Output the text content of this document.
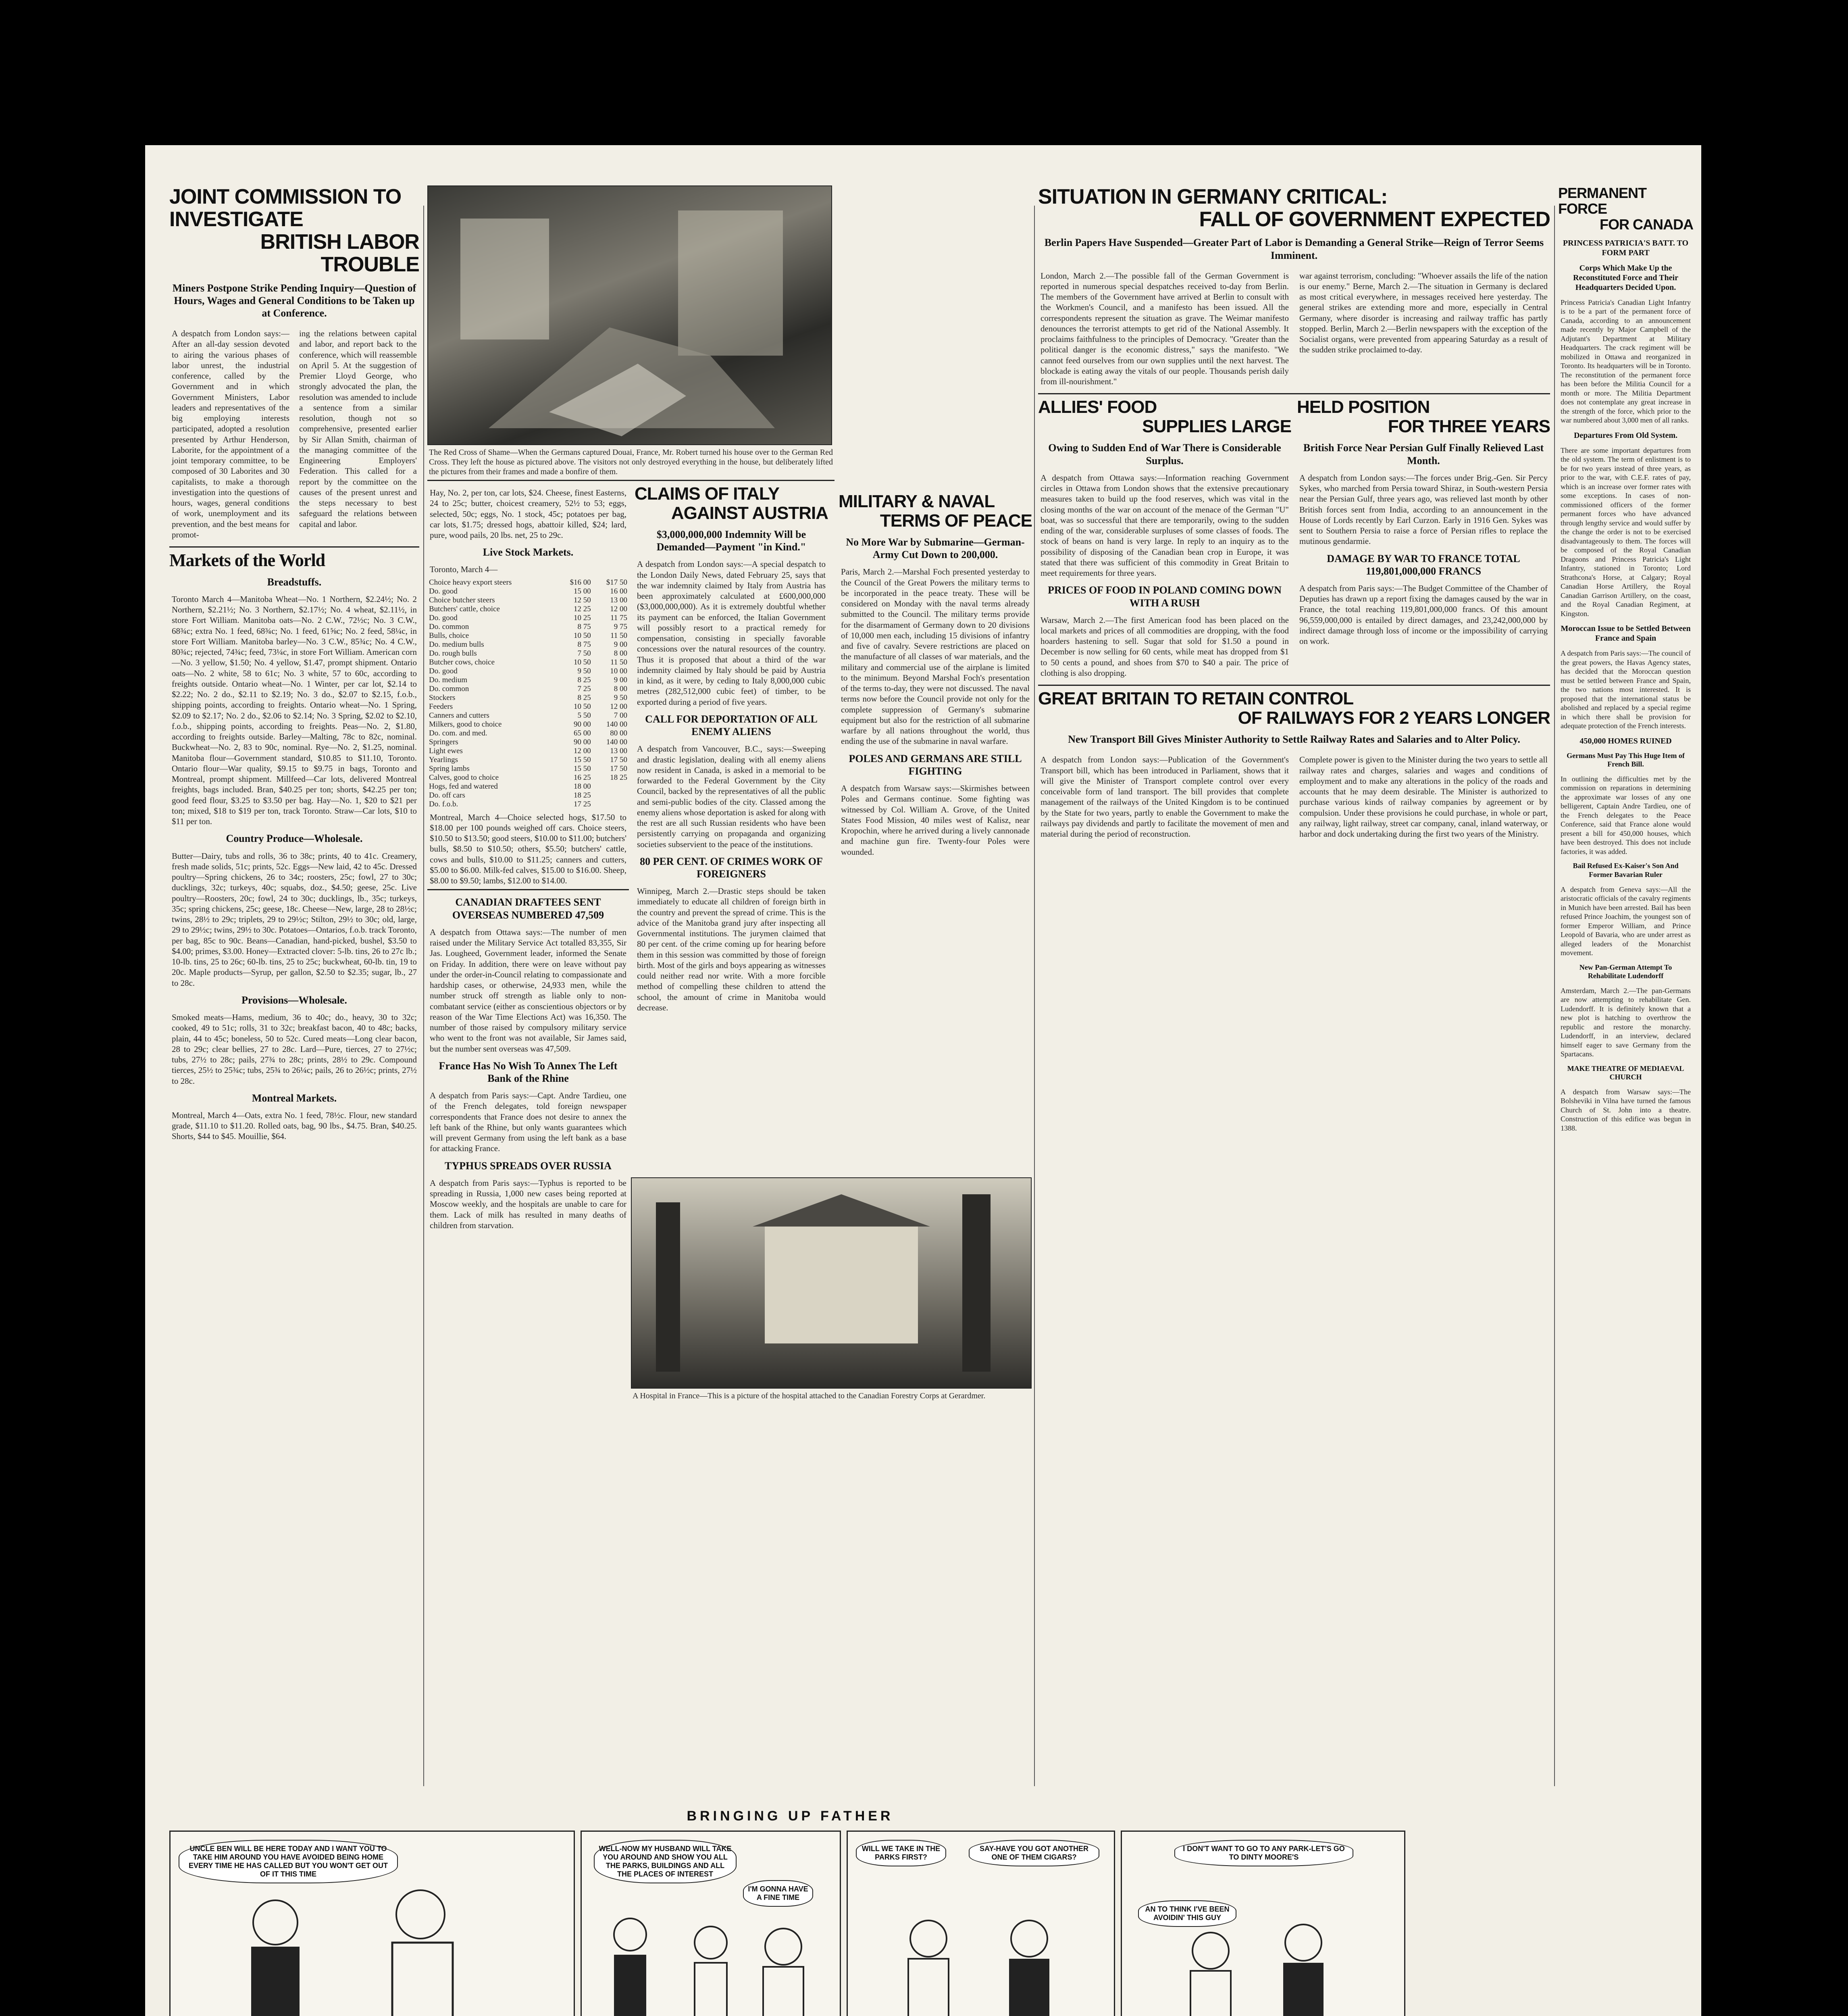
JOINT COMMISSION TO INVESTIGATE
BRITISH LABOR TROUBLE
Miners Postpone Strike Pending Inquiry—Question of Hours, Wages and General Conditions to be Taken up at Conference.

A despatch from London says:—After an all-day session devoted to airing the various phases of labor unrest, the industrial conference, called by the Government and in which Government Ministers, Labor leaders and representatives of the big employing interests participated, adopted a resolution presented by Arthur Henderson, Laborite, for the appointment of a joint temporary committee, to be composed of 30 Laborites and 30 capitalists, to make a thorough investigation into the questions of hours, wages, general conditions of work, unemployment and its prevention, and the best means for promot-

ing the relations between capital and labor, and report back to the conference, which will reassemble on April 5. At the suggestion of Premier Lloyd George, who strongly advocated the plan, the resolution was amended to include a sentence from a similar resolution, though not so comprehensive, presented earlier by Sir Allan Smith, chairman of the managing committee of the Engineering Employers' Federation. This called for a report by the committee on the causes of the present unrest and the steps necessary to best safeguard the relations between capital and labor.

Markets of the World
Breadstuffs.

Toronto March 4—Manitoba Wheat—No. 1 Northern, $2.24½; No. 2 Northern, $2.21½; No. 3 Northern, $2.17½; No. 4 wheat, $2.11½, in store Fort William. Manitoba oats—No. 2 C.W., 72½c; No. 3 C.W., 68¾c; extra No. 1 feed, 68¾c; No. 1 feed, 61⅝c; No. 2 feed, 58¼c, in store Fort William. Manitoba barley—No. 3 C.W., 85¾c; No. 4 C.W., 80¾c; rejected, 74¾c; feed, 73¼c, in store Fort William. American corn—No. 3 yellow, $1.50; No. 4 yellow, $1.47, prompt shipment. Ontario oats—No. 2 white, 58 to 61c; No. 3 white, 57 to 60c, according to freights outside. Ontario wheat—No. 1 Winter, per car lot, $2.14 to $2.22; No. 2 do., $2.11 to $2.19; No. 3 do., $2.07 to $2.15, f.o.b., shipping points, according to freights. Ontario wheat—No. 1 Spring, $2.09 to $2.17; No. 2 do., $2.06 to $2.14; No. 3 Spring, $2.02 to $2.10, f.o.b., shipping points, according to freights. Peas—No. 2, $1.80, according to freights outside. Barley—Malting, 78c to 82c, nominal. Buckwheat—No. 2, 83 to 90c, nominal. Rye—No. 2, $1.25, nominal. Manitoba flour—Government standard, $10.85 to $11.10, Toronto. Ontario flour—War quality, $9.15 to $9.75 in bags, Toronto and Montreal, prompt shipment. Millfeed—Car lots, delivered Montreal freights, bags included. Bran, $40.25 per ton; shorts, $42.25 per ton; good feed flour, $3.25 to $3.50 per bag. Hay—No. 1, $20 to $21 per ton; mixed, $18 to $19 per ton, track Toronto. Straw—Car lots, $10 to $11 per ton.

Country Produce—Wholesale.

Butter—Dairy, tubs and rolls, 36 to 38c; prints, 40 to 41c. Creamery, fresh made solids, 51c; prints, 52c. Eggs—New laid, 42 to 45c. Dressed poultry—Spring chickens, 26 to 34c; roosters, 25c; fowl, 27 to 30c; ducklings, 32c; turkeys, 40c; squabs, doz., $4.50; geese, 25c. Live poultry—Roosters, 20c; fowl, 24 to 30c; ducklings, lb., 35c; turkeys, 35c; spring chickens, 25c; geese, 18c. Cheese—New, large, 28 to 28½c; twins, 28½ to 29c; triplets, 29 to 29½c; Stilton, 29½ to 30c; old, large, 29 to 29½c; twins, 29½ to 30c. Potatoes—Ontarios, f.o.b. track Toronto, per bag, 85c to 90c. Beans—Canadian, hand-picked, bushel, $3.50 to $4.00; primes, $3.00. Honey—Extracted clover: 5-lb. tins, 26 to 27c lb.; 10-lb. tins, 25 to 26c; 60-lb. tins, 25 to 25c; buckwheat, 60-lb. tin, 19 to 20c. Maple products—Syrup, per gallon, $2.50 to $2.35; sugar, lb., 27 to 28c.

Provisions—Wholesale.

Smoked meats—Hams, medium, 36 to 40c; do., heavy, 30 to 32c; cooked, 49 to 51c; rolls, 31 to 32c; breakfast bacon, 40 to 48c; backs, plain, 44 to 45c; boneless, 50 to 52c. Cured meats—Long clear bacon, 28 to 29c; clear bellies, 27 to 28c. Lard—Pure, tierces, 27 to 27½c; tubs, 27½ to 28c; pails, 27¾ to 28c; prints, 28½ to 29c. Compound tierces, 25½ to 25¾c; tubs, 25¾ to 26¼c; pails, 26 to 26½c; prints, 27½ to 28c.

Montreal Markets.

Montreal, March 4—Oats, extra No. 1 feed, 78½c. Flour, new standard grade, $11.10 to $11.20. Rolled oats, bag, 90 lbs., $4.75. Bran, $40.25. Shorts, $44 to $45. Mouillie, $64.

The Red Cross of Shame—When the Germans captured Douai, France, Mr. Robert turned his house over to the German Red Cross. They left the house as pictured above. The visitors not only destroyed everything in the house, but deliberately lifted the pictures from their frames and made a bonfire of them.

Hay, No. 2, per ton, car lots, $24. Cheese, finest Easterns, 24 to 25c; butter, choicest creamery, 52½ to 53; eggs, selected, 50c; eggs, No. 1 stock, 45c; potatoes per bag, car lots, $1.75; dressed hogs, abattoir killed, $24; lard, pure, wood pails, 20 lbs. net, 25 to 29c.

Live Stock Markets.

Toronto, March 4—

Choice heavy export steers	$16 00	$17 50
Do. good	15 00	16 00
Choice butcher steers	12 50	13 00
Butchers' cattle, choice	12 25	12 00
Do. good	10 25	11 75
Do. common	8 75	9 75
Bulls, choice	10 50	11 50
Do. medium bulls	8 75	9 00
Do. rough bulls	7 50	8 00
Butcher cows, choice	10 50	11 50
Do. good	9 50	10 00
Do. medium	8 25	9 00
Do. common	7 25	8 00
Stockers	8 25	9 50
Feeders	10 50	12 00
Canners and cutters	5 50	7 00
Milkers, good to choice	90 00	140 00
Do. com. and med.	65 00	80 00
Springers	90 00	140 00
Light ewes	12 00	13 00
Yearlings	15 50	17 50
Spring lambs	15 50	17 50
Calves, good to choice	16 25	18 25
Hogs, fed and watered	18 00	
Do. off cars	18 25	
Do. f.o.b.	17 25	

Montreal, March 4—Choice selected hogs, $17.50 to $18.00 per 100 pounds weighed off cars. Choice steers, $10.50 to $13.50; good steers, $10.00 to $11.00; butchers' bulls, $8.50 to $10.50; others, $5.50; butchers' cattle, cows and bulls, $10.00 to $11.25; canners and cutters, $5.00 to $6.00. Milk-fed calves, $15.00 to $16.00. Sheep, $8.00 to $9.50; lambs, $12.00 to $14.00.

CANADIAN DRAFTEES SENT OVERSEAS NUMBERED 47,509

A despatch from Ottawa says:—The number of men raised under the Military Service Act totalled 83,355, Sir Jas. Lougheed, Government leader, informed the Senate on Friday. In addition, there were on leave without pay under the order-in-Council relating to compassionate and hardship cases, or otherwise, 24,933 men, while the number struck off strength as liable only to non-combatant service (either as conscientious objectors or by reason of the War Time Elections Act) was 16,350. The number of those raised by compulsory military service who went to the front was not available, Sir James said, but the number sent overseas was 47,509.

France Has No Wish To Annex The Left Bank of the Rhine

A despatch from Paris says:—Capt. Andre Tardieu, one of the French delegates, told foreign newspaper correspondents that France does not desire to annex the left bank of the Rhine, but only wants guarantees which will prevent Germany from using the left bank as a base for attacking France.

TYPHUS SPREADS OVER RUSSIA

A despatch from Paris says:—Typhus is reported to be spreading in Russia, 1,000 new cases being reported at Moscow weekly, and the hospitals are unable to care for them. Lack of milk has resulted in many deaths of children from starvation.

CLAIMS OF ITALY
AGAINST AUSTRIA
$3,000,000,000 Indemnity Will be Demanded—Payment "in Kind."

A despatch from London says:—A special despatch to the London Daily News, dated February 25, says that the war indemnity claimed by Italy from Austria has been approximately calculated at £600,000,000 ($3,000,000,000). As it is extremely doubtful whether its payment can be enforced, the Italian Government will possibly resort to a practical remedy for compensation, consisting in specially favorable concessions over the natural resources of the country. Thus it is proposed that about a third of the war indemnity claimed by Italy should be paid by Austria in kind, as it were, by ceding to Italy 8,000,000 cubic metres (282,512,000 cubic feet) of timber, to be exported during a period of five years.

CALL FOR DEPORTATION OF ALL ENEMY ALIENS

A despatch from Vancouver, B.C., says:—Sweeping and drastic legislation, dealing with all enemy aliens now resident in Canada, is asked in a memorial to be forwarded to the Federal Government by the City Council, backed by the representatives of all the public and semi-public bodies of the city. Classed among the enemy aliens whose deportation is asked for along with the rest are all such Russian residents who have been persistently carrying on propaganda and organizing societies subservient to the peace of the institutions.

80 PER CENT. OF CRIMES WORK OF FOREIGNERS

Winnipeg, March 2.—Drastic steps should be taken immediately to educate all children of foreign birth in the country and prevent the spread of crime. This is the advice of the Manitoba grand jury after inspecting all Governmental institutions. The jurymen claimed that 80 per cent. of the crime coming up for hearing before them in this session was committed by those of foreign birth. Most of the girls and boys appearing as witnesses could neither read nor write. With a more forcible method of compelling these children to attend the school, the amount of crime in Manitoba would decrease.

MILITARY & NAVAL
TERMS OF PEACE
No More War by Submarine—German-Army Cut Down to 200,000.

Paris, March 2.—Marshal Foch presented yesterday to the Council of the Great Powers the military terms to be incorporated in the peace treaty. These will be considered on Monday with the naval terms already submitted to the Council. The military terms provide for the disarmament of Germany down to 20 divisions of 10,000 men each, including 15 divisions of infantry and five of cavalry. Severe restrictions are placed on the manufacture of all classes of war materials, and the military and commercial use of the airplane is limited to the minimum. Beyond Marshal Foch's presentation of the terms to-day, they were not discussed. The naval terms now before the Council provide not only for the complete suppression of Germany's submarine equipment but also for the restriction of all submarine warfare by all nations throughout the world, thus ending the use of the submarine in naval warfare.

POLES AND GERMANS ARE STILL FIGHTING

A despatch from Warsaw says:—Skirmishes between Poles and Germans continue. Some fighting was witnessed by Col. William A. Grove, of the United States Food Mission, 40 miles west of Kalisz, near Kropochin, where he arrived during a lively cannonade and machine gun fire. Twenty-four Poles were wounded.

A Hospital in France—This is a picture of the hospital attached to the Canadian Forestry Corps at Gerardmer.

SITUATION IN GERMANY CRITICAL:
FALL OF GOVERNMENT EXPECTED
Berlin Papers Have Suspended—Greater Part of Labor is Demanding a General Strike—Reign of Terror Seems Imminent.

London, March 2.—The possible fall of the German Government is reported in numerous special despatches received to-day from Berlin. The members of the Government have arrived at Berlin to consult with the Workmen's Council, and a manifesto has been issued. All the correspondents represent the situation as grave. The Weimar manifesto denounces the terrorist attempts to get rid of the National Assembly. It proclaims faithfulness to the principles of Democracy. "Greater than the political danger is the economic distress," says the manifesto. "We cannot feed ourselves from our own supplies until the next harvest. The blockade is eating away the vitals of our people. Thousands perish daily from ill-nourishment."

war against terrorism, concluding: "Whoever assails the life of the nation is our enemy." Berne, March 2.—The situation in Germany is declared as most critical everywhere, in messages received here yesterday. The general strikes are extending more and more, especially in Central Germany, where disorder is increasing and railway traffic has partly stopped. Berlin, March 2.—Berlin newspapers with the exception of the Socialist organs, were prevented from appearing Saturday as a result of the sudden strike proclaimed to-day.

ALLIES' FOOD
SUPPLIES LARGE
Owing to Sudden End of War There is Considerable Surplus.

A despatch from Ottawa says:—Information reaching Government circles in Ottawa from London shows that the extensive precautionary measures taken to build up the food reserves, which was vital in the closing months of the war on account of the menace of the German "U" boat, was so successful that there are temporarily, owing to the sudden ending of the war, considerable surpluses of some classes of foods. The stock of beans on hand is very large. In reply to an inquiry as to the possibility of disposing of the Canadian bean crop in Europe, it was stated that there was sufficient of this commodity in Great Britain to meet requirements for three years.

PRICES OF FOOD IN POLAND COMING DOWN WITH A RUSH

Warsaw, March 2.—The first American food has been placed on the local markets and prices of all commodities are dropping, with the food hoarders hastening to sell. Sugar that sold for $1.50 a pound in December is now selling for 60 cents, while meat has dropped from $1 to 50 cents a pound, and shoes from $70 to $40 a pair. The price of clothing is also dropping.

HELD POSITION
FOR THREE YEARS
British Force Near Persian Gulf Finally Relieved Last Month.

A despatch from London says:—The forces under Brig.-Gen. Sir Percy Sykes, who marched from Persia toward Shiraz, in South-western Persia near the Persian Gulf, three years ago, was relieved last month by other British forces sent from India, according to an announcement in the House of Lords recently by Earl Curzon. Early in 1916 Gen. Sykes was sent to Southern Persia to raise a force of Persian rifles to replace the mutinous gendarmie.

DAMAGE BY WAR TO FRANCE TOTAL 119,801,000,000 FRANCS

A despatch from Paris says:—The Budget Committee of the Chamber of Deputies has drawn up a report fixing the damages caused by the war in France, the total reaching 119,801,000,000 francs. Of this amount 96,559,000,000 is entailed by direct damages, and 23,242,000,000 by indirect damage through loss of income or the impossibility of carrying on work.

GREAT BRITAIN TO RETAIN CONTROL
OF RAILWAYS FOR 2 YEARS LONGER
New Transport Bill Gives Minister Authority to Settle Railway Rates and Salaries and to Alter Policy.

A despatch from London says:—Publication of the Government's Transport bill, which has been introduced in Parliament, shows that it will give the Minister of Transport complete control over every conceivable form of land transport. The bill provides that complete management of the railways of the United Kingdom is to be continued by the State for two years, partly to enable the Government to make the railways pay dividends and partly to facilitate the movement of men and material during the period of reconstruction.

Complete power is given to the Minister during the two years to settle all railway rates and charges, salaries and wages and conditions of employment and to make any alterations in the policy of the roads and accounts that he may deem desirable. The Minister is authorized to purchase various kinds of railway companies by agreement or by compulsion. Under these provisions he could purchase, in whole or part, any railway, light railway, street car company, canal, inland waterway, or harbor and dock undertaking during the first two years of the Ministry.

PERMANENT FORCE
FOR CANADA
PRINCESS PATRICIA'S BATT. TO FORM PART
Corps Which Make Up the Reconstituted Force and Their Headquarters Decided Upon.

Princess Patricia's Canadian Light Infantry is to be a part of the permanent force of Canada, according to an announcement made recently by Major Campbell of the Adjutant's Department at Military Headquarters. The crack regiment will be mobilized in Ottawa and reorganized in Toronto. Its headquarters will be in Toronto. The reconstitution of the permanent force has been before the Militia Council for a month or more. The Militia Department does not contemplate any great increase in the strength of the force, which prior to the war numbered about 3,000 men of all ranks.

Departures From Old System.

There are some important departures from the old system. The term of enlistment is to be for two years instead of three years, as prior to the war, with C.E.F. rates of pay, which is an increase over former rates with some exceptions. In cases of non-commissioned officers of the former permanent forces who have advanced through lengthy service and would suffer by the change the order is not to be exercised disadvantageously to them. The forces will be composed of the Royal Canadian Dragoons and Princess Patricia's Light Infantry, stationed in Toronto; Lord Strathcona's Horse, at Calgary; Royal Canadian Horse Artillery, the Royal Canadian Garrison Artillery, on the coast, and the Royal Canadian Regiment, at Kingston.

Moroccan Issue to be Settled Between France and Spain

A despatch from Paris says:—The council of the great powers, the Havas Agency states, has decided that the Moroccan question must be settled between France and Spain, the two nations most interested. It is proposed that the international status be abolished and replaced by a special regime in which there shall be provision for adequate protection of the French interests.

450,000 HOMES RUINED
Germans Must Pay This Huge Item of French Bill.

In outlining the difficulties met by the commission on reparations in determining the approximate war losses of any one belligerent, Captain Andre Tardieu, one of the French delegates to the Peace Conference, said that France alone would present a bill for 450,000 houses, which have been destroyed. This does not include factories, it was added.

Bail Refused Ex-Kaiser's Son And Former Bavarian Ruler

A despatch from Geneva says:—All the aristocratic officials of the cavalry regiments in Munich have been arrested. Bail has been refused Prince Joachim, the youngest son of former Emperor William, and Prince Leopold of Bavaria, who are under arrest as alleged leaders of the Monarchist movement.

New Pan-German Attempt To Rehabilitate Ludendorff

Amsterdam, March 2.—The pan-Germans are now attempting to rehabilitate Gen. Ludendorff. It is definitely known that a new plot is hatching to overthrow the republic and restore the monarchy. Ludendorff, in an interview, declared himself eager to save Germany from the Spartacans.

MAKE THEATRE OF MEDIAEVAL CHURCH

A despatch from Warsaw says:—The Bolsheviki in Vilna have turned the famous Church of St. John into a theatre. Construction of this edifice was begun in 1388.

BRINGING UP FATHER
UNCLE BEN WILL BE HERE TODAY AND I WANT YOU TO TAKE HIM AROUND YOU HAVE AVOIDED BEING HOME EVERY TIME HE HAS CALLED BUT YOU WON'T GET OUT OF IT THIS TIME
WELL-NOW MY HUSBAND WILL TAKE YOU AROUND AND SHOW YOU ALL THE PARKS, BUILDINGS AND ALL THE PLACES OF INTEREST
I'M GONNA HAVE A FINE TIME
WILL WE TAKE IN THE PARKS FIRST?
SAY-HAVE YOU GOT ANOTHER ONE OF THEM CIGARS?
I DON'T WANT TO GO TO ANY PARK-LET'S GO TO DINTY MOORE'S
AN TO THINK I'VE BEEN AVOIDIN' THIS GUY
